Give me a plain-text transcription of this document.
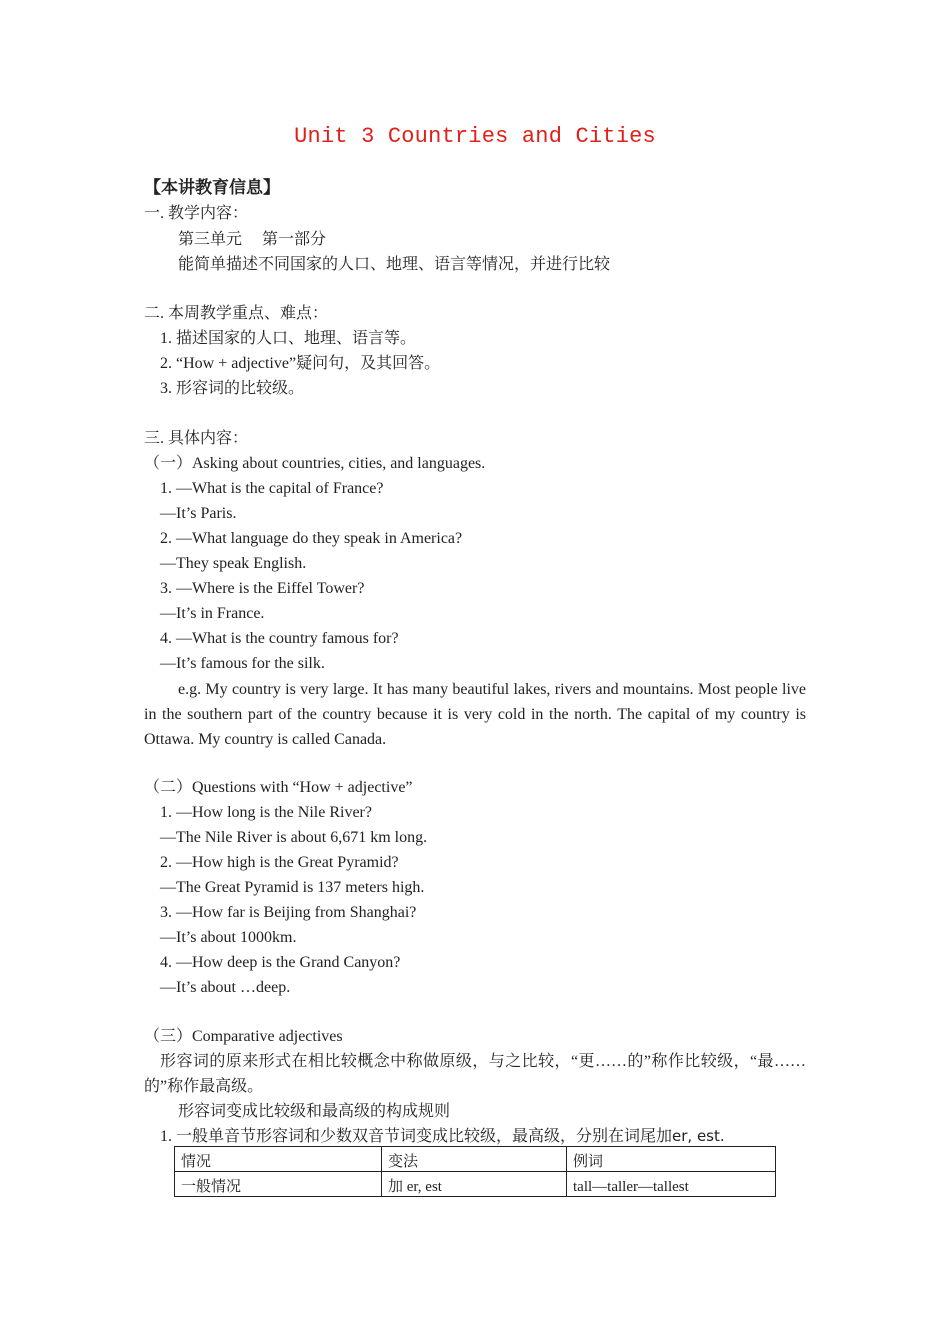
Unit 3 Countries and Cities
【本讲教育信息】
一. 教学内容：
第三单元　 第一部分
能简单描述不同国家的人口、地理、语言等情况，并进行比较
二. 本周教学重点、难点：
1. 描述国家的人口、地理、语言等。
2. “How + adjective”疑问句，及其回答。
3. 形容词的比较级。
三. 具体内容：
（一）Asking about countries, cities, and languages.
1. —What is the capital of France?
—It’s Paris.
2. —What language do they speak in America?
—They speak English.
3. —Where is the Eiffel Tower?
—It’s in France.
4. —What is the country famous for?
—It’s famous for the silk.
e.g. My country is very large. It has many beautiful lakes, rivers and mountains. Most people live in the southern part of the country because it is very cold in the north. The capital of my country is Ottawa. My country is called Canada.
（二）Questions with “How + adjective”
1. —How long is the Nile River?
—The Nile River is about 6,671 km long.
2. —How high is the Great Pyramid?
—The Great Pyramid is 137 meters high.
3. —How far is Beijing from Shanghai?
—It’s about 1000km.
4. —How deep is the Grand Canyon?
—It’s about …deep.
（三）Comparative adjectives
形容词的原来形式在相比较概念中称做原级，与之比较，“更……的”称作比较级，“最……的”称作最高级。
形容词变成比较级和最高级的构成规则
1. 一般单音节形容词和少数双音节词变成比较级，最高级，分别在词尾加er, est.
情况	变法	例词
一般情况	加 er, est	tall—taller—tallest
